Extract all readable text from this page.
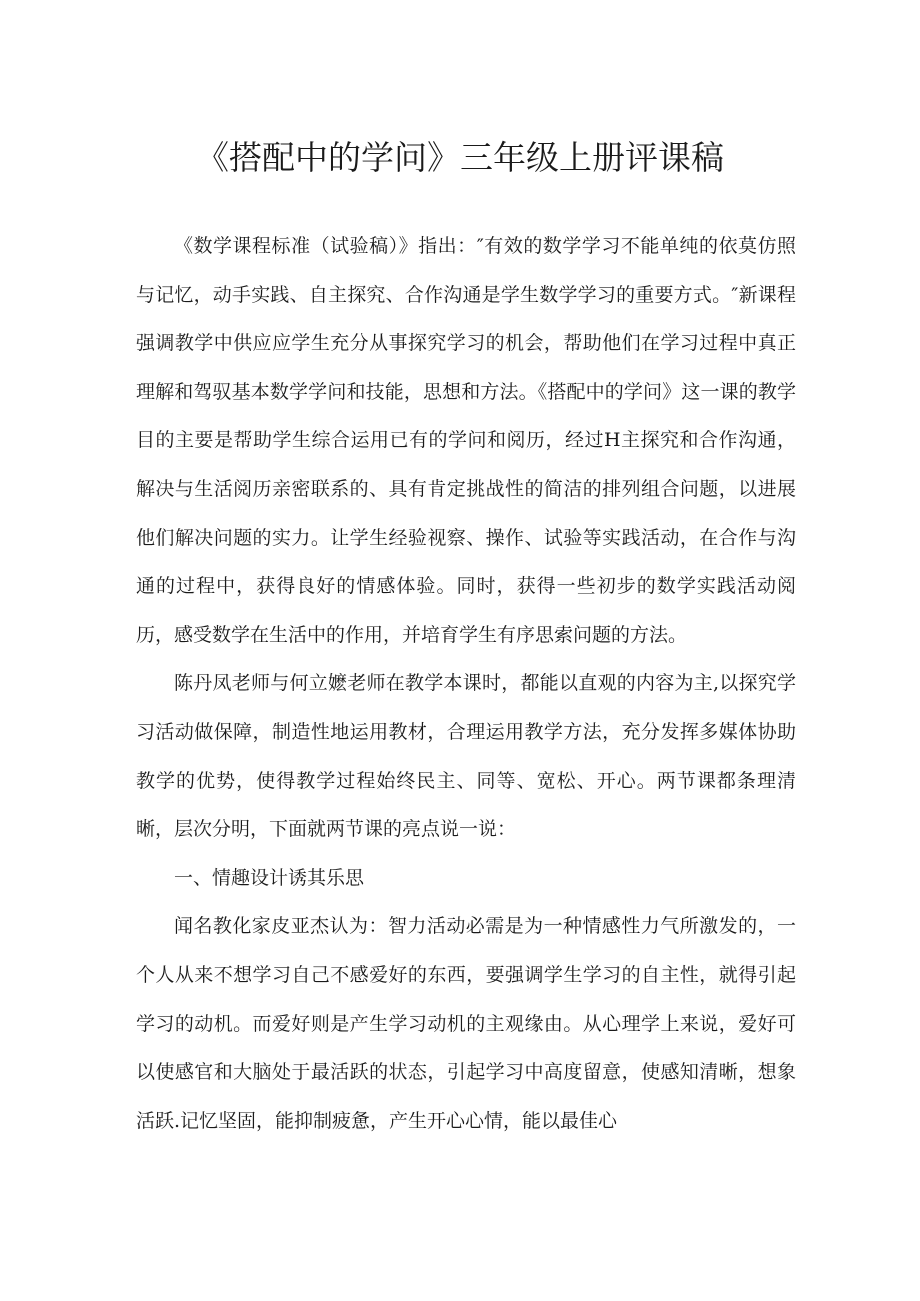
《搭配中的学问》三年级上册评课稿

《数学课程标准（试验稿）》指出：″有效的数学学习不能单纯的依莫仿照与记忆，动手实践、自主探究、合作沟通是学生数学学习的重要方式。″新课程强调教学中供应应学生充分从事探究学习的机会，帮助他们在学习过程中真正理解和驾驭基本数学学问和技能，思想和方法。《搭配中的学问》这一课的教学目的主要是帮助学生综合运用已有的学问和阅历，经过H主探究和合作沟通，解决与生活阅历亲密联系的、具有肯定挑战性的简洁的排列组合问题，以进展他们解决问题的实力。让学生经验视察、操作、试验等实践活动，在合作与沟通的过程中，获得良好的情感体验。同时，获得一些初步的数学实践活动阅历，感受数学在生活中的作用，并培育学生有序思索问题的方法。

陈丹凤老师与何立嬷老师在教学本课时，都能以直观的内容为主,以探究学习活动做保障，制造性地运用教材，合理运用教学方法，充分发挥多媒体协助教学的优势，使得教学过程始终民主、同等、宽松、开心。两节课都条理清晰，层次分明，下面就两节课的亮点说一说：

一、情趣设计诱其乐思

闻名教化家皮亚杰认为：智力活动必需是为一种情感性力气所激发的，一个人从来不想学习自己不感爱好的东西，要强调学生学习的自主性，就得引起学习的动机。而爱好则是产生学习动机的主观缘由。从心理学上来说，爱好可以使感官和大脑处于最活跃的状态，引起学习中高度留意，使感知清晰，想象活跃.记忆坚固，能抑制疲惫，产生开心心情，能以最佳心
